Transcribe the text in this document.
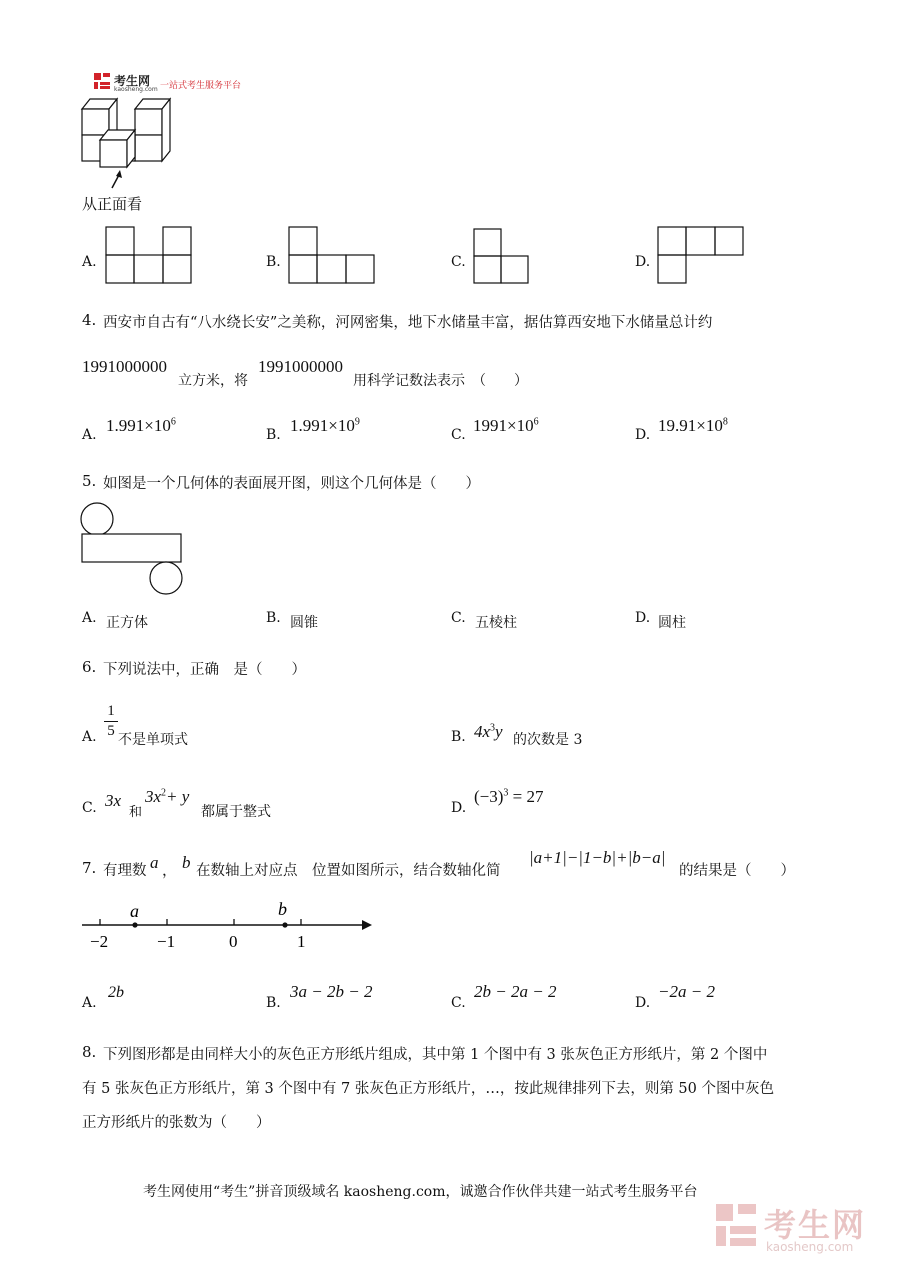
考生网
kaosheng.com 一站式考生服务平台
从正面看
A.	B.	C.	D.
4. 西安市自古有“八水绕长安”之美称，河网密集，地下水储量丰富，据估算西安地下水储量总计约
1991000000
立方米，将
1991000000
用科学记数法表示　（　　）
A. $1.991\times 10^6$
B. $1.991\times 10^9$
C. $1991\times 10^6$
D. $19.91\times 10^8$
5. 如图是一个几何体的表面展开图，则这个几何体是（　　）
A. 正方体	B. 圆锥	C. 五棱柱	D. 圆柱
6. 下列说法中，正确　是（　　）
A.
1
5
不是单项式	B. $4x^3y$ 的次数是 3
C. 3x
和
$3x^2+ y$
都属于整式	D.
$(-3)^3 = 27$
7. 有理数 a ， b 在数轴上对应点　位置如图所示，结合数轴化简
|a+1|−|1−b|+|b−a|
的结果是（　　）
a	b
−2	−1	0	1
A.
2b
B.
3a − 2b − 2
C.
2b − 2a − 2
D.
−2a − 2
8. 下列图形都是由同样大小的灰色正方形纸片组成，其中第 1 个图中有 3 张灰色正方形纸片，第 2 个图中
有 5 张灰色正方形纸片，第 3 个图中有 7 张灰色正方形纸片，…，按此规律排列下去，则第 50 个图中灰色
正方形纸片的张数为（　　）
考生网使用“考生”拼音顶级域名 kaosheng.com，诚邀合作伙伴共建一站式考生服务平台
考生网
kaosheng.com
